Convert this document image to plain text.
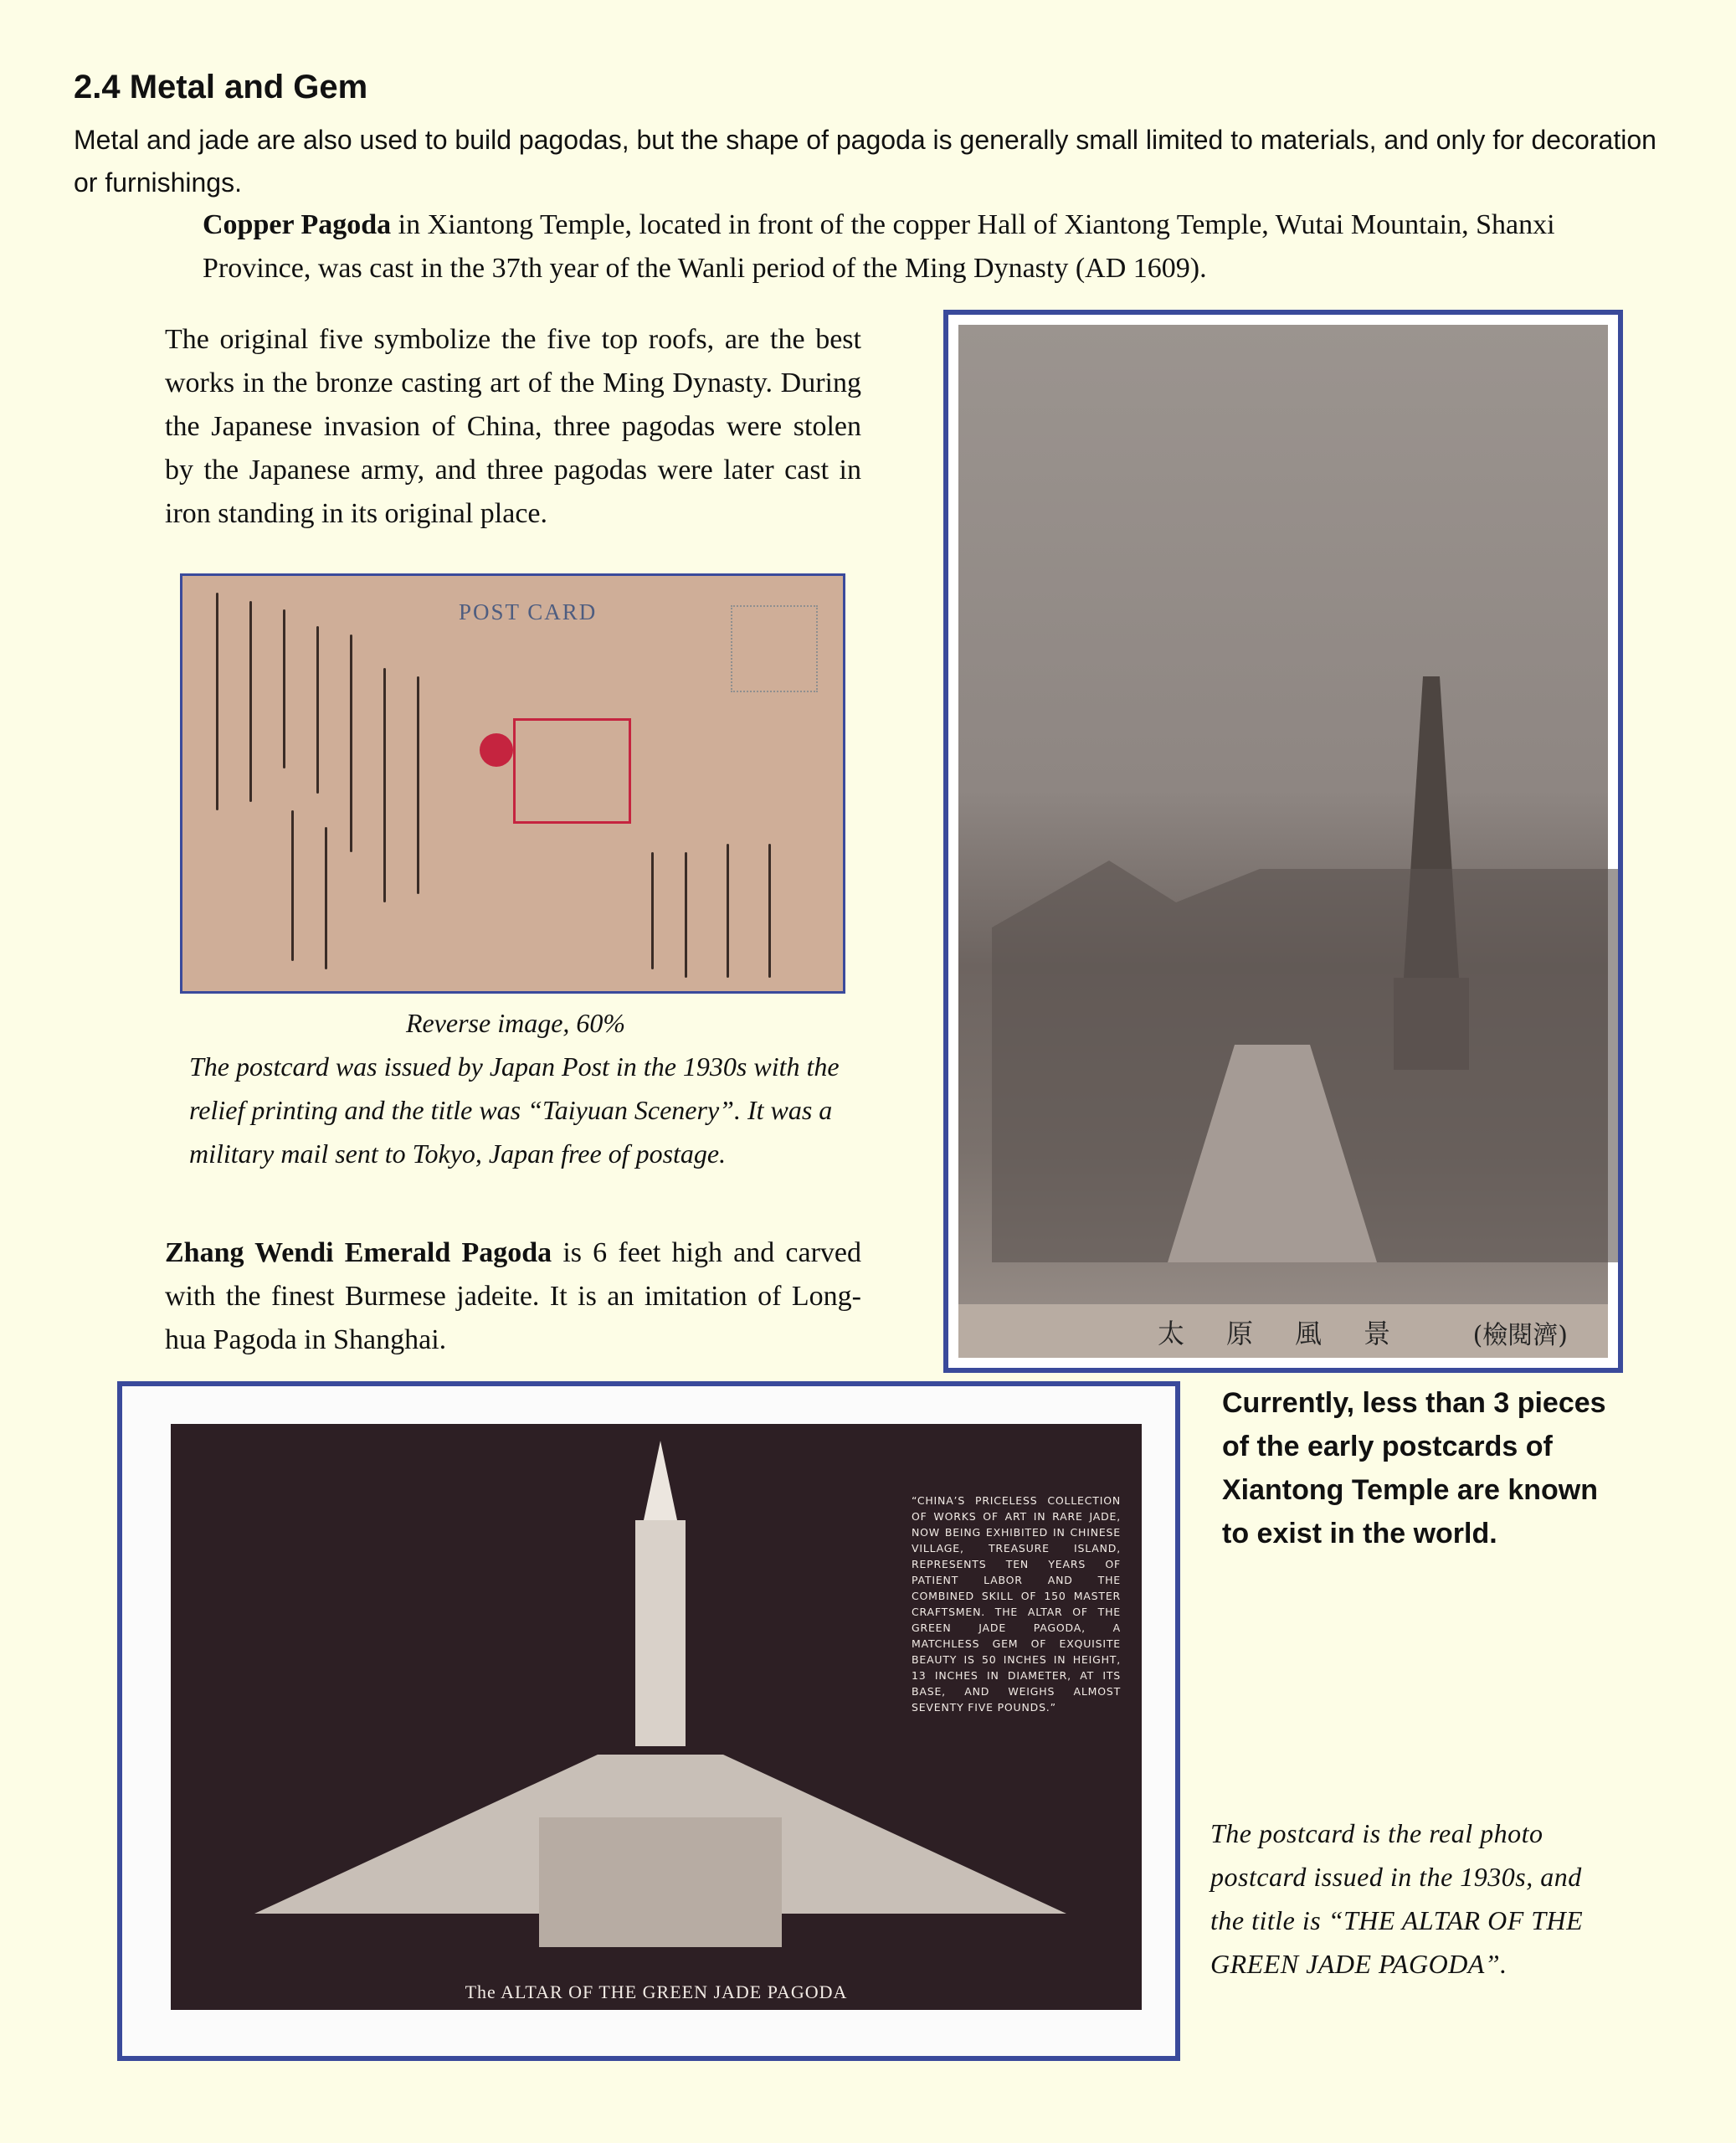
2.4 Metal and Gem

Metal and jade are also used to build pagodas, but the shape of pagoda is generally small limited to materials, and only for decoration or furnishings.

Copper Pagoda in Xiantong Temple, located in front of the copper Hall of Xiantong Temple, Wutai Mountain, Shanxi Province, was cast in the 37th year of the Wanli period of the Ming Dynasty (AD 1609).

The original five symbolize the five top roofs, are the best works in the bronze casting art of the Ming Dynasty. During the Japanese invasion of China, three pagodas were stolen by the Japanese army, and three pagodas were later cast in iron standing in its original place.

POST CARD

Reverse image, 60%

The postcard was issued by Japan Post in the 1930s with the relief printing and the title was “Taiyuan Scenery”. It was a military mail sent to Tokyo, Japan free of postage.

Zhang Wendi Emerald Pagoda is 6 feet high and carved with the finest Burmese jadeite. It is an imitation of Long-hua Pagoda in Shanghai.	太原風景 (檢閱濟)

Currently, less than 3 pieces of the early postcards of Xiantong Temple are known to exist in the world.

“CHINA’S PRICELESS COLLECTION OF WORKS OF ART IN RARE JADE, NOW BEING EXHIBITED IN CHINESE VILLAGE, TREASURE ISLAND, REPRESENTS TEN YEARS OF PATIENT LABOR AND THE COMBINED SKILL OF 150 MASTER CRAFTSMEN. THE ALTAR OF THE GREEN JADE PAGODA, A MATCHLESS GEM OF EXQUISITE BEAUTY IS 50 INCHES IN HEIGHT, 13 INCHES IN DIAMETER, AT ITS BASE, AND WEIGHS ALMOST SEVENTY FIVE POUNDS.”

The ALTAR OF THE GREEN JADE PAGODA

The postcard is the real photo postcard issued in the 1930s, and the title is “THE ALTAR OF THE GREEN JADE PAGODA”.
